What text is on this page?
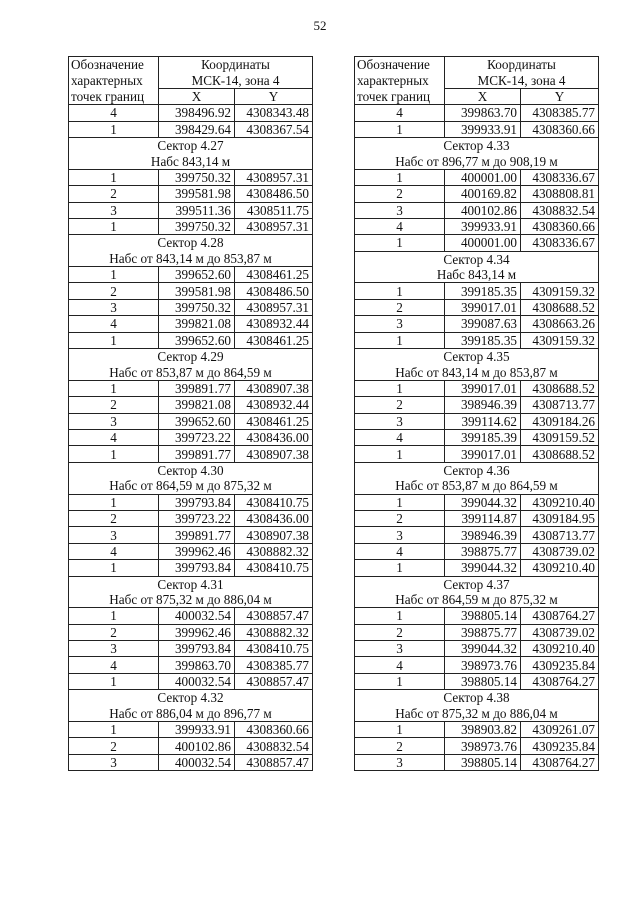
52
Обозначение	Координаты	
характерных	МСК-14, зона 4	
точек границ	X	Y
4	398496.92	4308343.48
1	398429.64	4308367.54
Сектор 4.27		
Набс 843,14 м		
1	399750.32	4308957.31
2	399581.98	4308486.50
3	399511.36	4308511.75
1	399750.32	4308957.31
Сектор 4.28		
Набс от 843,14 м до 853,87 м		
1	399652.60	4308461.25
2	399581.98	4308486.50
3	399750.32	4308957.31
4	399821.08	4308932.44
1	399652.60	4308461.25
Сектор 4.29		
Набс от 853,87 м до 864,59 м		
1	399891.77	4308907.38
2	399821.08	4308932.44
3	399652.60	4308461.25
4	399723.22	4308436.00
1	399891.77	4308907.38
Сектор 4.30		
Набс от 864,59 м до 875,32 м		
1	399793.84	4308410.75
2	399723.22	4308436.00
3	399891.77	4308907.38
4	399962.46	4308882.32
1	399793.84	4308410.75
Сектор 4.31		
Набс от 875,32 м до 886,04 м		
1	400032.54	4308857.47
2	399962.46	4308882.32
3	399793.84	4308410.75
4	399863.70	4308385.77
1	400032.54	4308857.47
Сектор 4.32		
Набс от 886,04 м до 896,77 м		
1	399933.91	4308360.66
2	400102.86	4308832.54
3	400032.54	4308857.47
Обозначение	Координаты	
характерных	МСК-14, зона 4	
точек границ	X	Y
4	399863.70	4308385.77
1	399933.91	4308360.66
Сектор 4.33		
Набс от 896,77 м до 908,19 м		
1	400001.00	4308336.67
2	400169.82	4308808.81
3	400102.86	4308832.54
4	399933.91	4308360.66
1	400001.00	4308336.67
Сектор 4.34		
Набс 843,14 м		
1	399185.35	4309159.32
2	399017.01	4308688.52
3	399087.63	4308663.26
1	399185.35	4309159.32
Сектор 4.35		
Набс от 843,14 м до 853,87 м		
1	399017.01	4308688.52
2	398946.39	4308713.77
3	399114.62	4309184.26
4	399185.39	4309159.52
1	399017.01	4308688.52
Сектор 4.36		
Набс от 853,87 м до 864,59 м		
1	399044.32	4309210.40
2	399114.87	4309184.95
3	398946.39	4308713.77
4	398875.77	4308739.02
1	399044.32	4309210.40
Сектор 4.37		
Набс от 864,59 м до 875,32 м		
1	398805.14	4308764.27
2	398875.77	4308739.02
3	399044.32	4309210.40
4	398973.76	4309235.84
1	398805.14	4308764.27
Сектор 4.38		
Набс от 875,32 м до 886,04 м		
1	398903.82	4309261.07
2	398973.76	4309235.84
3	398805.14	4308764.27
